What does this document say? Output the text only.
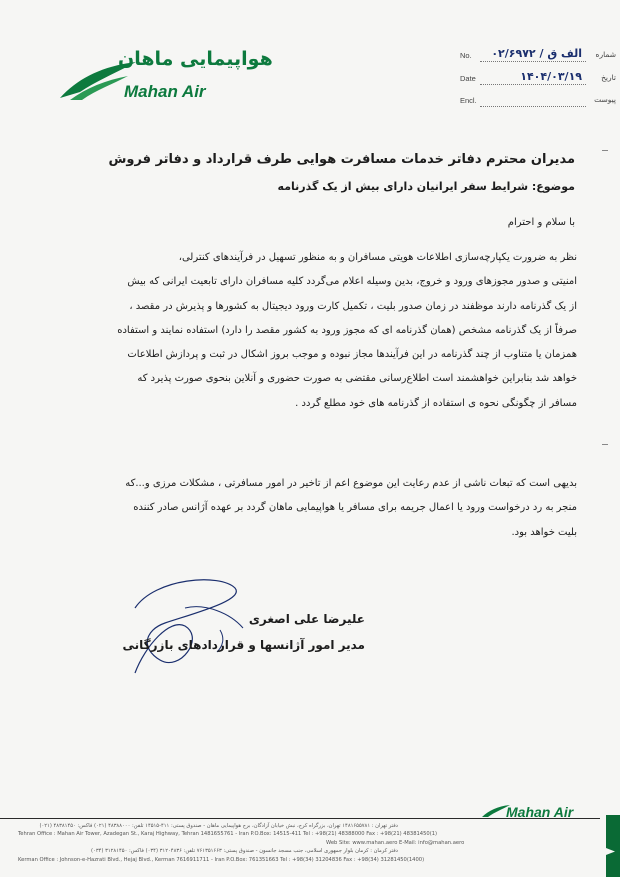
هواپیمایی ماهان
Mahan Air
No. الف ق / ۰۲/۶۹۷۲ شماره
Date	۱۴۰۴/۰۳/۱۹	تاریخ
Encl.	پیوست
مدیران محترم دفاتر خدمات مسافرت هوایی طرف قرارداد و دفاتر فروش
موضوع: شرایط سفر ایرانیان دارای بیش از یک گذرنامه
با سلام و احترام
نظر به ضرورت یکپارچه‌سازی اطلاعات هویتی مسافران و به منظور تسهیل در فرآیندهای کنترلی،
امنیتی و صدور مجوزهای ورود و خروج، بدین وسیله اعلام می‌گردد کلیه مسافران دارای تابعیت ایرانی که بیش
از یک گذرنامه دارند موظفند در زمان صدور بلیت ، تکمیل کارت ورود دیجیتال به کشورها و پذیرش در مقصد ،
صرفاً از یک گذرنامه مشخص (همان گذرنامه ای که مجوز ورود به کشور مقصد را دارد) استفاده نمایند و استفاده
همزمان یا متناوب از چند گذرنامه در این فرآیندها مجاز نبوده و موجب بروز اشکال در ثبت و پردازش اطلاعات
خواهد شد بنابراین خواهشمند است اطلاع‌رسانی مقتضی به صورت حضوری و آنلاین بنحوی صورت پذیرد که
مسافر از چگونگی نحوه ی استفاده از گذرنامه های خود مطلع گردد .
بدیهی است که تبعات ناشی از عدم رعایت این موضوع اعم از تاخیر در امور مسافرتی ، مشکلات مرزی و...که
منجر به رد درخواست ورود یا اعمال جریمه برای مسافر یا هواپیمایی ماهان گردد بر عهده آژانس صادر کننده
بلیت خواهد بود.
علیرضا علی اصغری
مدیر امور آژانسها و قراردادهای بازرگانی
Mahan Air
دفتر تهران : ۱۴۸۱۶۵۵۷۸۱ تهران، بزرگراه کرج، نبش خیابان آزادگان، برج هواپیمایی ماهان - صندوق پستی: ۴۱۱-۱۴۵۱۵ تلفن: ۴۸۳۸۸۰۰۰ (۰۲۱) فاکس: ۴۸۳۸۱۴۵۰ (۰۲۱)
Tehran Office : Mahan Air Tower, Azadegan St., Karaj Highway, Tehran 1481655761 - Iran P.O.Box: 14515-411 Tel : +98(21) 48388000 Fax : +98(21) 48381450(1)
Web Site: www.mahan.aero E-Mail: info@mahan.aero
دفتر کرمان : کرمان بلوار جمهوری اسلامی، جنب مسجد جانسون - صندوق پستی: ۷۶۱۳۵۱۶۶۳ تلفن: ۳۱۲۰۴۸۳۶ (۰۳۴) فاکس: ۳۱۲۸۱۴۵۰ (۰۳۴)
Kerman Office : Johnson-e-Hazrati Blvd., Hejaj Blvd., Kerman 7616911711 - Iran P.O.Box: 761351663 Tel : +98(34) 31204836 Fax : +98(34) 31281450(1400)
